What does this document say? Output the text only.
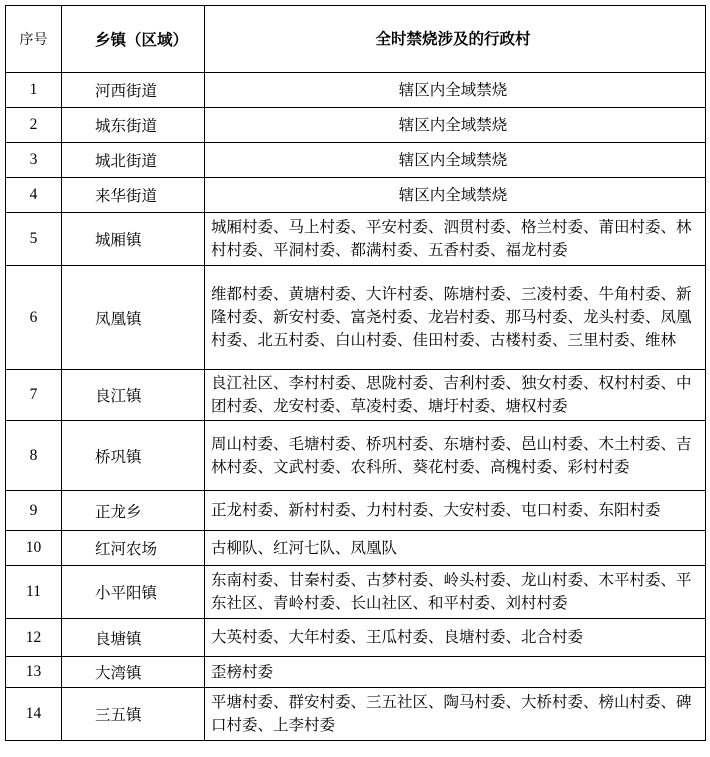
序号	乡镇（区域）	全时禁烧涉及的行政村
1	河西街道	辖区内全域禁烧
2	城东街道	辖区内全域禁烧
3	城北街道	辖区内全域禁烧
4	来华街道	辖区内全域禁烧
5	城厢镇	城厢村委、马上村委、平安村委、泗贯村委、格兰村委、莆田村委、林村村委、平洞村委、都满村委、五香村委、福龙村委
6	凤凰镇	维都村委、黄塘村委、大许村委、陈塘村委、三凌村委、牛角村委、新隆村委、新安村委、富尧村委、龙岩村委、那马村委、龙头村委、凤凰村委、北五村委、白山村委、佳田村委、古楼村委、三里村委、维林
7	良江镇	良江社区、李村村委、思陇村委、吉利村委、独女村委、权村村委、中团村委、龙安村委、草凌村委、塘圩村委、塘权村委
8	桥巩镇	周山村委、毛塘村委、桥巩村委、东塘村委、邑山村委、木土村委、吉林村委、文武村委、农科所、葵花村委、高槐村委、彩村村委
9	正龙乡	正龙村委、新村村委、力村村委、大安村委、屯口村委、东阳村委
10	红河农场	古柳队、红河七队、凤凰队
11	小平阳镇	东南村委、甘秦村委、古梦村委、岭头村委、龙山村委、木平村委、平东社区、青岭村委、长山社区、和平村委、刘村村委
12	良塘镇	大英村委、大年村委、王瓜村委、良塘村委、北合村委
13	大湾镇	歪榜村委
14	三五镇	平塘村委、群安村委、三五社区、陶马村委、大桥村委、榜山村委、碑口村委、上李村委
